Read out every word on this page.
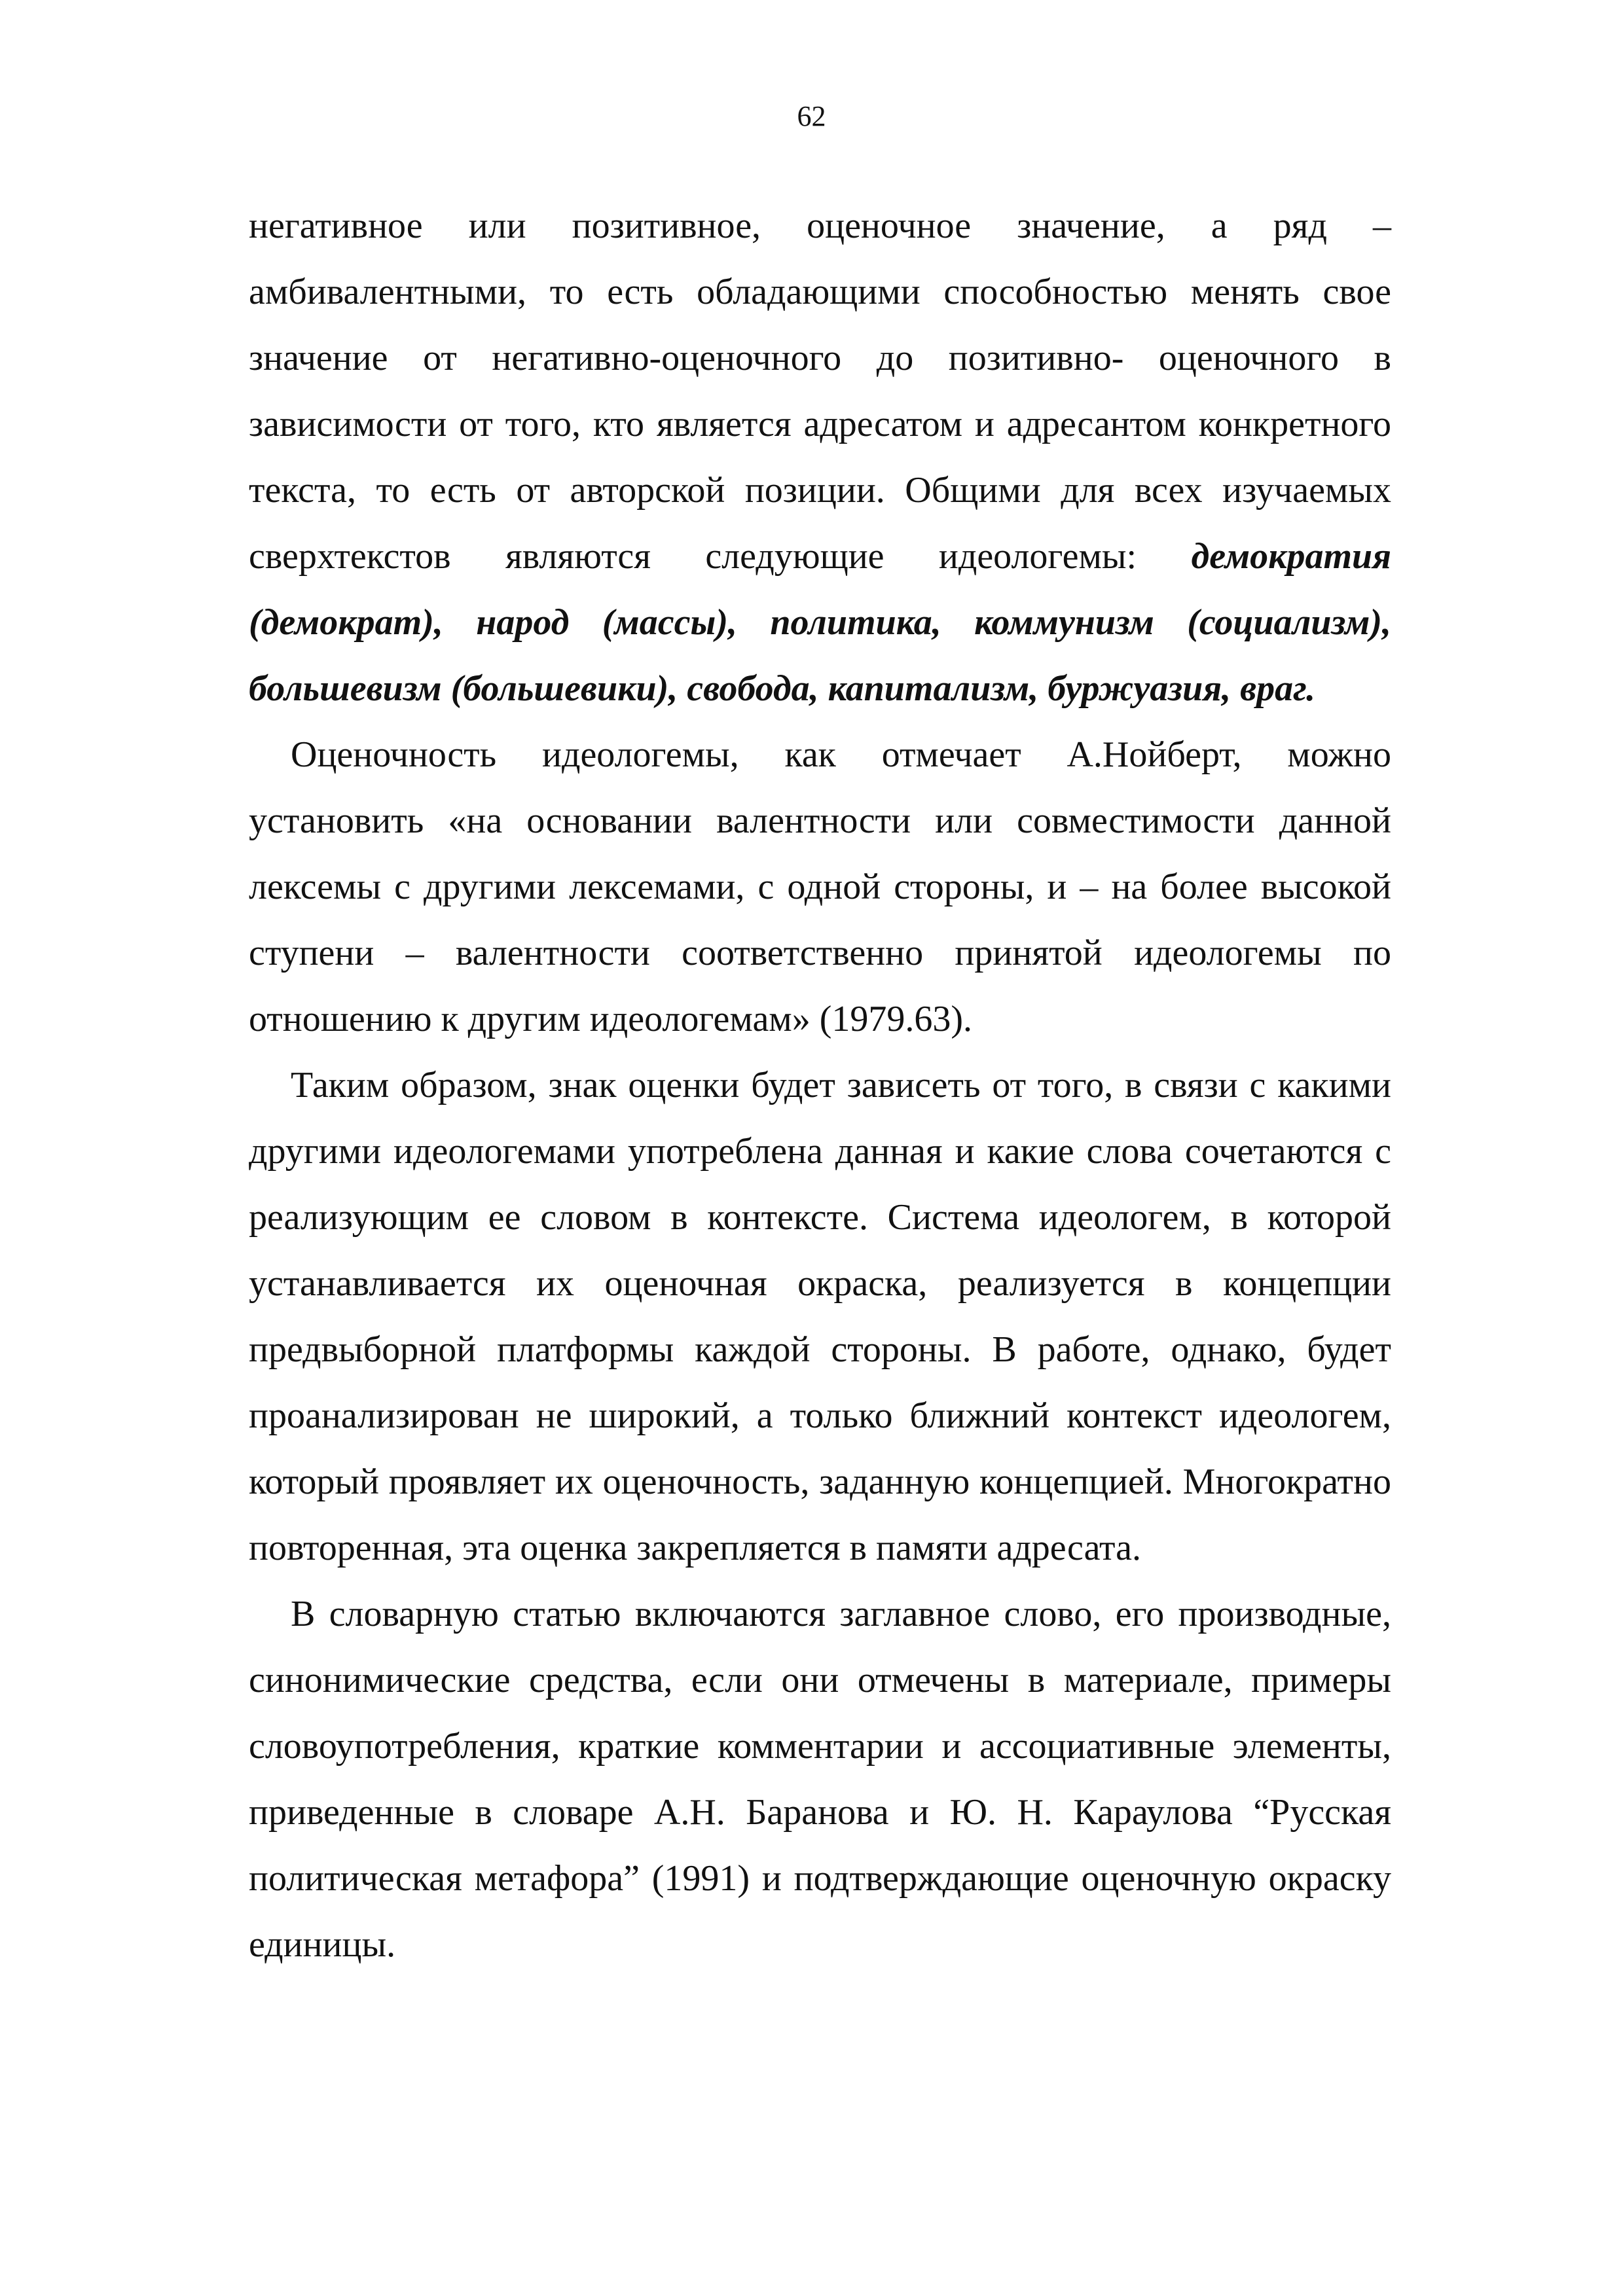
62

негативное или позитивное, оценочное значение, а ряд – амбивалентными, то есть обладающими способностью менять свое значение от негативно-оценочного до позитивно- оценочного в зависимости от того, кто является адресатом и адресантом конкретного текста, то есть от авторской позиции. Общими для всех изучаемых сверхтекстов являются следующие идеологемы: демократия (демократ), народ (массы), политика, коммунизм (социализм), большевизм (большевики), свобода, капитализм, буржуазия, враг.

Оценочность идеологемы, как отмечает А.Нойберт, можно установить «на основании валентности или совместимости данной лексемы с другими лексемами, с одной стороны, и – на более высокой ступени – валентности соответственно принятой идеологемы по отношению к другим идеологемам» (1979.63).

Таким образом, знак оценки будет зависеть от того, в связи с какими другими идеологемами употреблена данная и какие слова сочетаются с реализующим ее словом в контексте. Система идеологем, в которой устанавливается их оценочная окраска, реализуется в концепции предвыборной платформы каждой стороны. В работе, однако, будет проанализирован не широкий, а только ближний контекст идеологем, который проявляет их оценочность, заданную концепцией. Многократно повторенная, эта оценка закрепляется в памяти адресата.

В словарную статью включаются заглавное слово, его производные, синонимические средства, если они отмечены в материале, примеры словоупотребления, краткие комментарии и ассоциативные элементы, приведенные в словаре А.Н. Баранова и Ю. Н. Караулова “Русская политическая метафора” (1991) и подтверждающие оценочную окраску единицы.
